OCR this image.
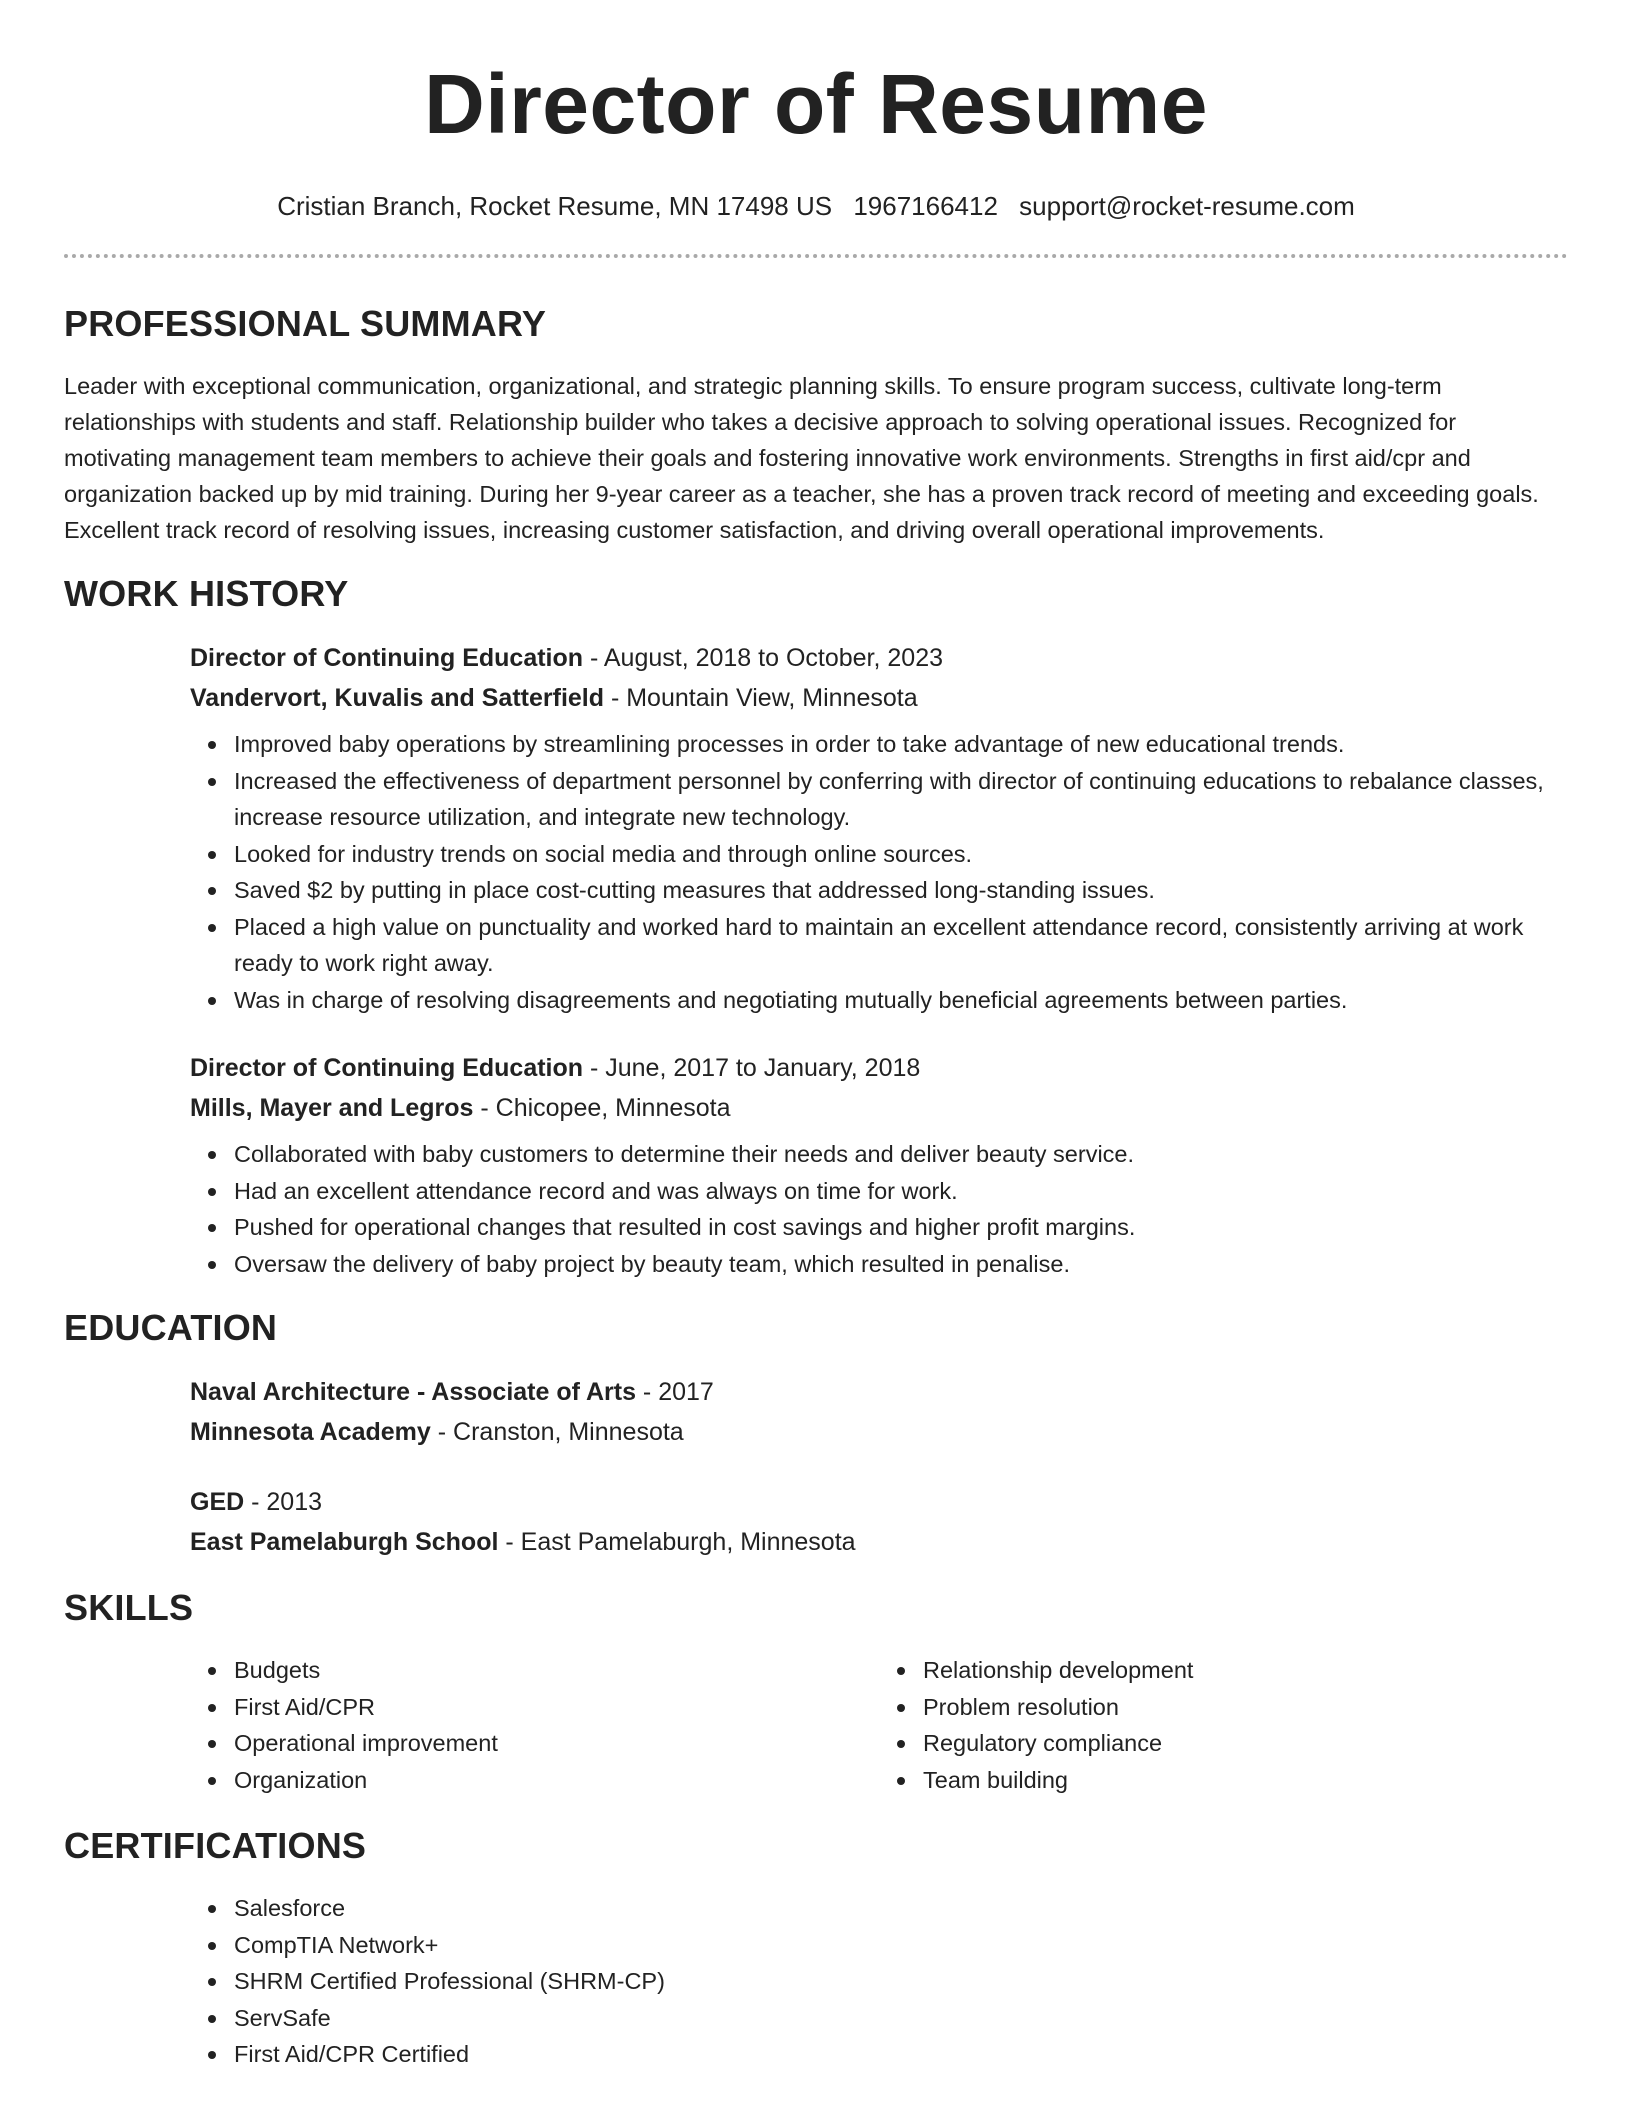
Director of Resume
Cristian Branch, Rocket Resume, MN 17498 US 1967166412 support@rocket-resume.com
PROFESSIONAL SUMMARY

Leader with exceptional communication, organizational, and strategic planning skills. To ensure program success, cultivate long-term relationships with students and staff. Relationship builder who takes a decisive approach to solving operational issues. Recognized for motivating management team members to achieve their goals and fostering innovative work environments. Strengths in first aid/cpr and organization backed up by mid training. During her 9-year career as a teacher, she has a proven track record of meeting and exceeding goals. Excellent track record of resolving issues, increasing customer satisfaction, and driving overall operational improvements.

WORK HISTORY
Director of Continuing Education - August, 2018 to October, 2023
Vandervort, Kuvalis and Satterfield - Mountain View, Minnesota
Improved baby operations by streamlining processes in order to take advantage of new educational trends.
Increased the effectiveness of department personnel by conferring with director of continuing educations to rebalance classes, increase resource utilization, and integrate new technology.
Looked for industry trends on social media and through online sources.
Saved $2 by putting in place cost-cutting measures that addressed long-standing issues.
Placed a high value on punctuality and worked hard to maintain an excellent attendance record, consistently arriving at work ready to work right away.
Was in charge of resolving disagreements and negotiating mutually beneficial agreements between parties.
Director of Continuing Education - June, 2017 to January, 2018
Mills, Mayer and Legros - Chicopee, Minnesota
Collaborated with baby customers to determine their needs and deliver beauty service.
Had an excellent attendance record and was always on time for work.
Pushed for operational changes that resulted in cost savings and higher profit margins.
Oversaw the delivery of baby project by beauty team, which resulted in penalise.
EDUCATION
Naval Architecture - Associate of Arts - 2017
Minnesota Academy - Cranston, Minnesota
GED - 2013
East Pamelaburgh School - East Pamelaburgh, Minnesota
SKILLS
Budgets
First Aid/CPR
Operational improvement
Organization
Relationship development
Problem resolution
Regulatory compliance
Team building
CERTIFICATIONS
Salesforce
CompTIA Network+
SHRM Certified Professional (SHRM-CP)
ServSafe
First Aid/CPR Certified
